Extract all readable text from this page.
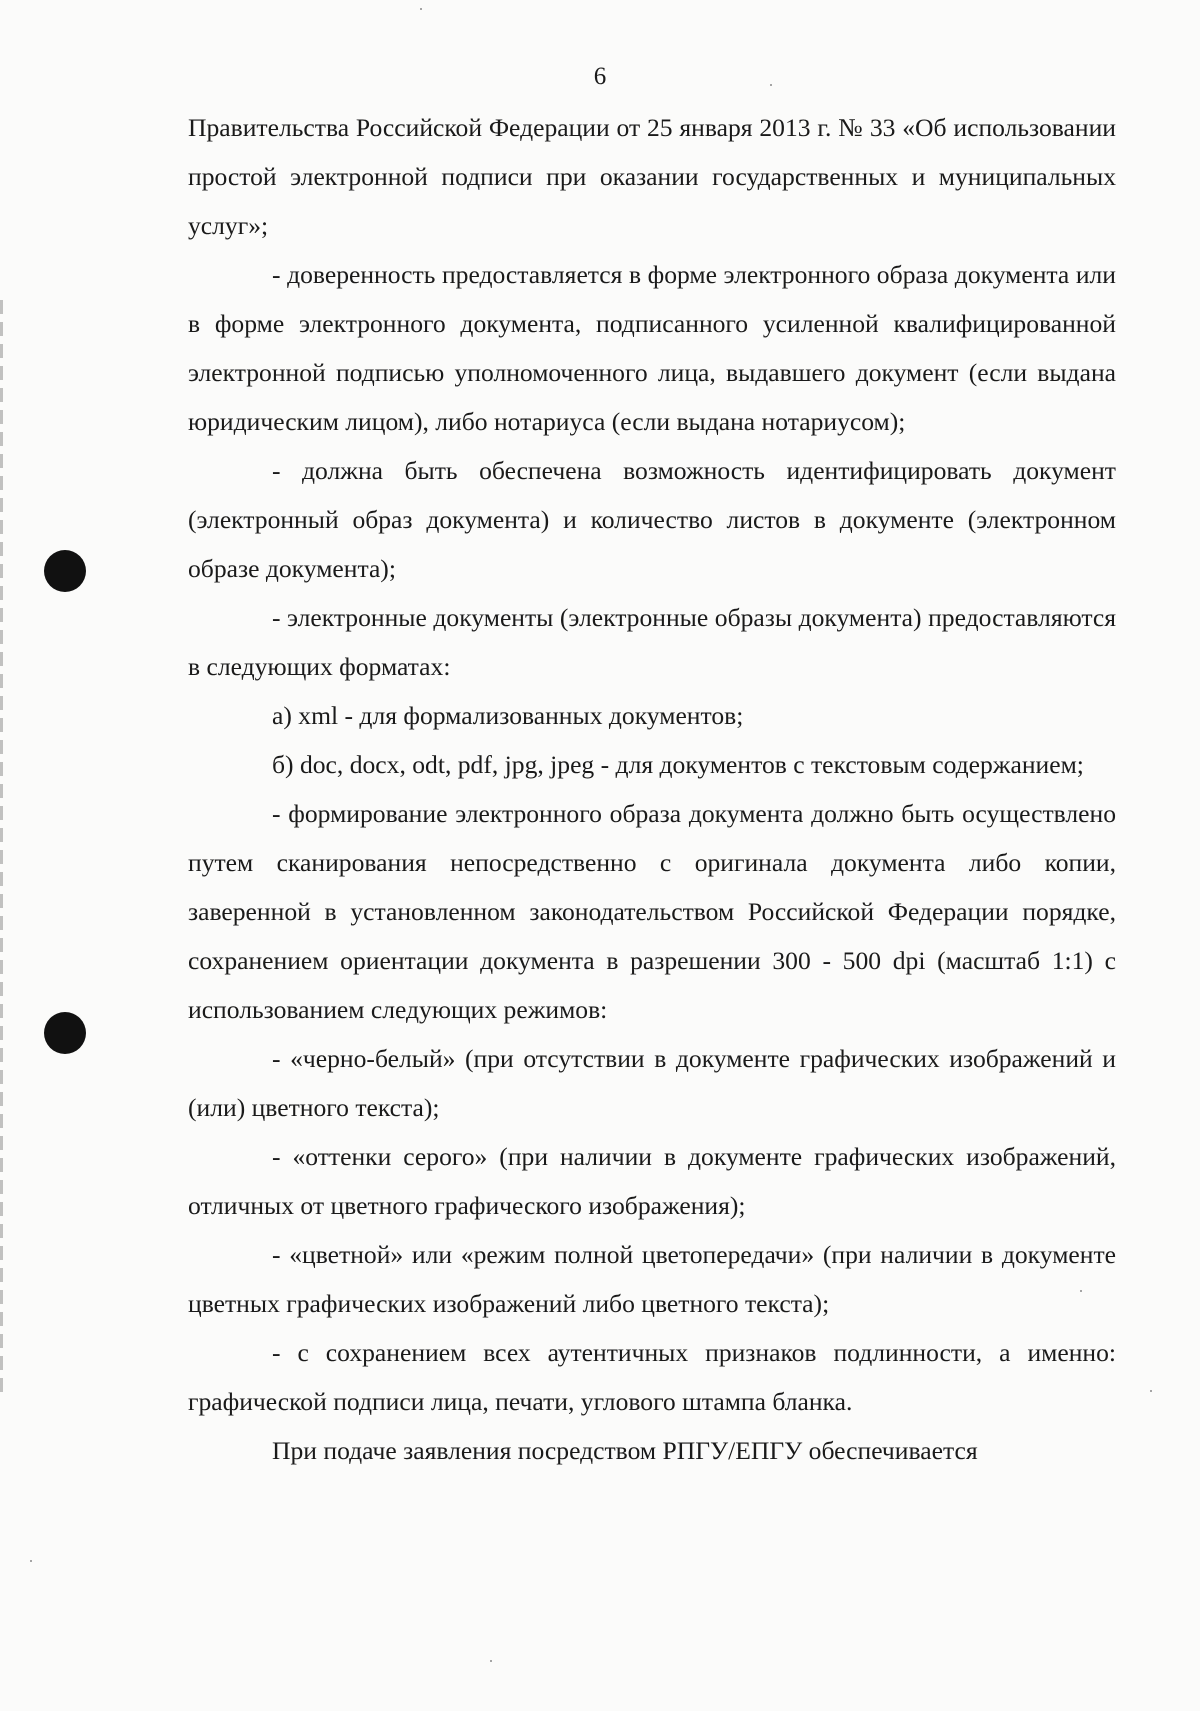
6

Правительства Российской Федерации от 25 января 2013 г. № 33 «Об использовании простой электронной подписи при оказании государственных и муниципальных услуг»;

- доверенность предоставляется в форме электронного образа документа или в форме электронного документа, подписанного усиленной квалифицированной электронной подписью уполномоченного лица, выдавшего документ (если выдана юридическим лицом), либо нотариуса (если выдана нотариусом);

- должна быть обеспечена возможность идентифицировать документ (электронный образ документа) и количество листов в документе (электронном образе документа);

- электронные документы (электронные образы документа) предоставляются в следующих форматах:

а) xml - для формализованных документов;

б) doc, docx, odt, pdf, jpg, jpeg - для документов с текстовым содержанием;

- формирование электронного образа документа должно быть осуществлено путем сканирования непосредственно с оригинала документа либо копии, заверенной в установленном законодательством Российской Федерации порядке, сохранением ориентации документа в разрешении 300 - 500 dpi (масштаб 1:1) с использованием следующих режимов:

- «черно-белый» (при отсутствии в документе графических изображений и (или) цветного текста);

- «оттенки серого» (при наличии в документе графических изображений, отличных от цветного графического изображения);

- «цветной» или «режим полной цветопередачи» (при наличии в документе цветных графических изображений либо цветного текста);

- с сохранением всех аутентичных признаков подлинности, а именно: графической подписи лица, печати, углового штампа бланка.

При подаче заявления посредством РПГУ/ЕПГУ обеспечивается
